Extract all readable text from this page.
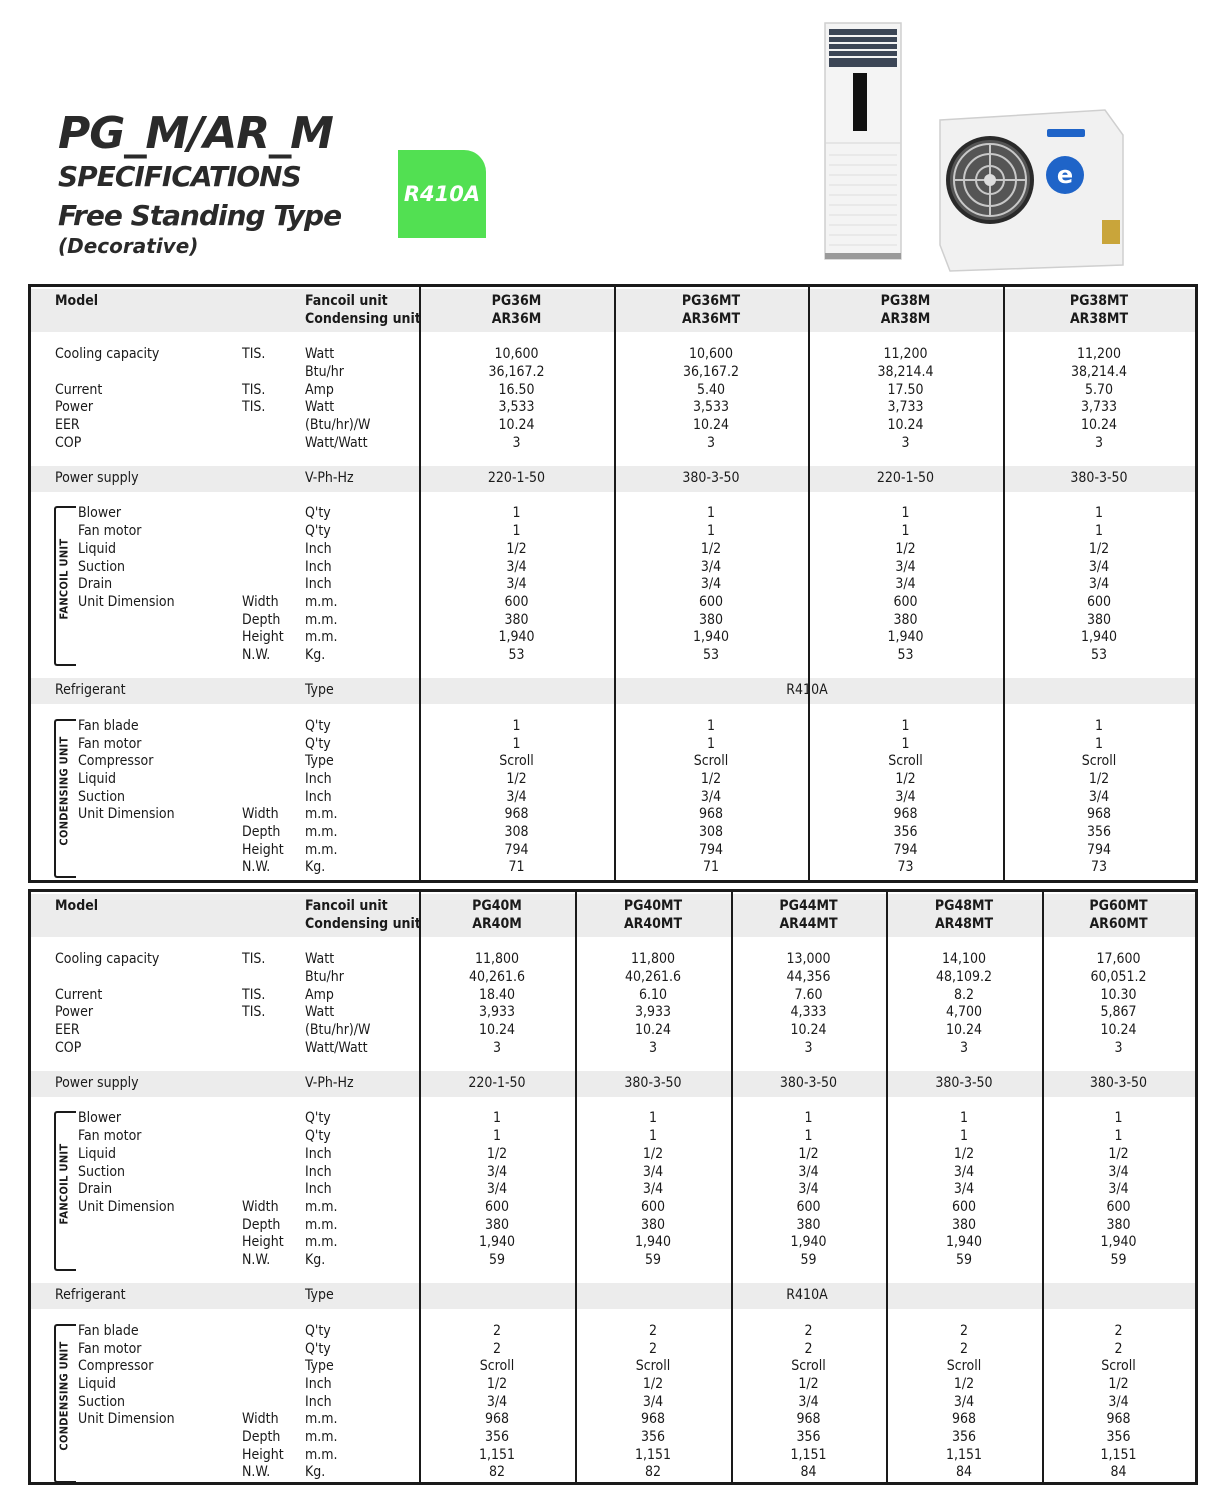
PG_M/AR_M
SPECIFICATIONS
Free Standing Type
(Decorative)
R410A
e
FANCOIL UNIT
CONDENSING UNIT
Model	Fancoil unit	PG36M	PG36MT	PG38M	PG38MT
Condensing unit	AR36M	AR36MT	AR38M	AR38MT
Cooling capacity	TIS.	Watt	10,600	10,600	11,200	11,200
Btu/hr	36,167.2	36,167.2	38,214.4	38,214.4
Current	TIS.	Amp	16.50	5.40	17.50	5.70
Power	TIS.	Watt	3,533	3,533	3,733	3,733
EER	(Btu/hr)/W	10.24	10.24	10.24	10.24
COP	Watt/Watt	3	3	3	3
Power supply	V-Ph-Hz	220-1-50	380-3-50	220-1-50	380-3-50
Blower	Q'ty	1	1	1	1
Fan motor	Q'ty	1	1	1	1
Liquid	Inch	1/2	1/2	1/2	1/2
Suction	Inch	3/4	3/4	3/4	3/4
Drain	Inch	3/4	3/4	3/4	3/4
Unit Dimension	Width m.m.	600	600	600	600
Depth m.m.	380	380	380	380
Height m.m.	1,940	1,940	1,940	1,940
N.W. Kg.	53	53	53	53
Refrigerant	Type	R410A
Fan blade	Q'ty	1	1	1	1
Fan motor	Q'ty	1	1	1	1
Compressor	Type	Scroll	Scroll	Scroll	Scroll
Liquid	Inch	1/2	1/2	1/2	1/2
Suction	Inch	3/4	3/4	3/4	3/4
Unit Dimension	Width m.m.	968	968	968	968
Depth m.m.	308	308	356	356
Height m.m.	794	794	794	794
N.W. Kg.	71	71	73	73
FANCOIL UNIT
CONDENSING UNIT
Model	Fancoil unit	PG40M	PG40MT	PG44MT	PG48MT	PG60MT
Condensing unit	AR40M	AR40MT	AR44MT	AR48MT	AR60MT
Cooling capacity	TIS.	Watt	11,800	11,800	13,000	14,100	17,600
Btu/hr	40,261.6	40,261.6	44,356	48,109.2	60,051.2
Current	TIS.	Amp	18.40	6.10	7.60	8.2	10.30
Power	TIS.	Watt	3,933	3,933	4,333	4,700	5,867
EER	(Btu/hr)/W	10.24	10.24	10.24	10.24	10.24
COP	Watt/Watt	3	3	3	3	3
Power supply	V-Ph-Hz	220-1-50	380-3-50	380-3-50	380-3-50	380-3-50
Blower	Q'ty	1	1	1	1	1
Fan motor	Q'ty	1	1	1	1	1
Liquid	Inch	1/2	1/2	1/2	1/2	1/2
Suction	Inch	3/4	3/4	3/4	3/4	3/4
Drain	Inch	3/4	3/4	3/4	3/4	3/4
Unit Dimension	Width m.m.	600	600	600	600	600
Depth m.m.	380	380	380	380	380
Height m.m.	1,940	1,940	1,940	1,940	1,940
N.W. Kg.	59	59	59	59	59
Refrigerant	Type	R410A
Fan blade	Q'ty	2	2	2	2	2
Fan motor	Q'ty	2	2	2	2	2
Compressor	Type	Scroll	Scroll	Scroll	Scroll	Scroll
Liquid	Inch	1/2	1/2	1/2	1/2	1/2
Suction	Inch	3/4	3/4	3/4	3/4	3/4
Unit Dimension	Width m.m.	968	968	968	968	968
Depth m.m.	356	356	356	356	356
Height m.m.	1,151	1,151	1,151	1,151	1,151
N.W. Kg.	82	82	84	84	84
